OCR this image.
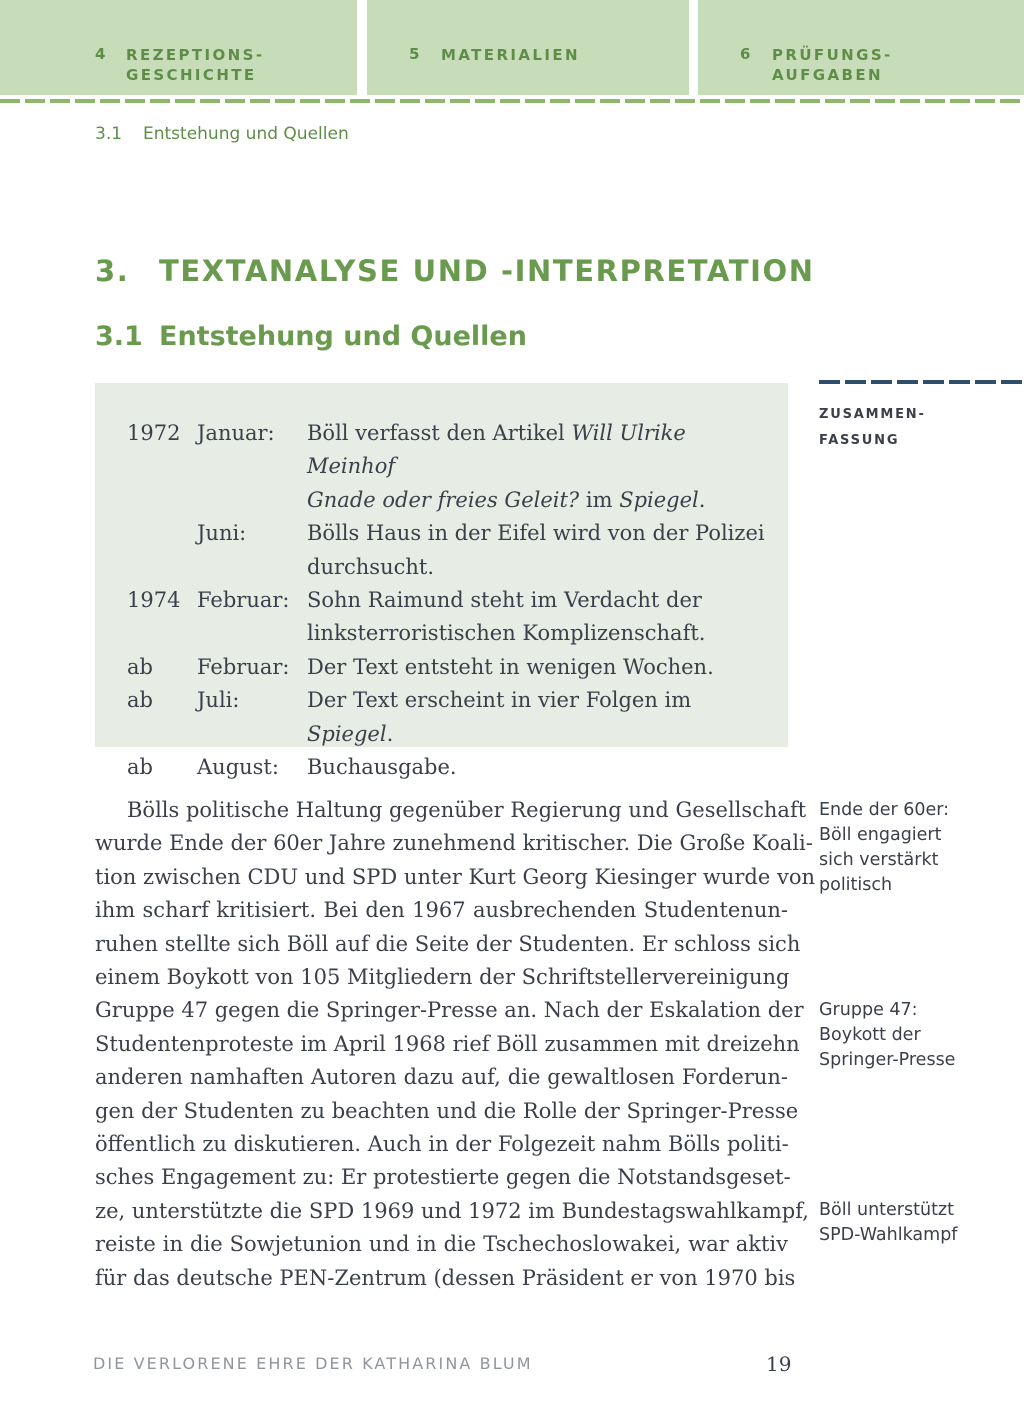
4 REZEPTIONS-
GESCHICHTE
5 MATERIALIEN	6 PRÜFUNGS-
AUFGABEN
3.1 Entstehung und Quellen
3. TEXTANALYSE UND -INTERPRETATION
3.1 Entstehung und Quellen
1972 Januar: Böll verfasst den Artikel Will Ulrike Meinhof
Gnade oder freies Geleit? im Spiegel.
Juni:	Bölls Haus in der Eifel wird von der Polizei
durchsucht.
1974 Februar: Sohn Raimund steht im Verdacht der
linksterroristischen Komplizenschaft.
ab Februar: Der Text entsteht in wenigen Wochen.
ab Juli:	Der Text erscheint in vier Folgen im Spiegel.
ab August: Buchausgabe.
ZUSAMMEN-
FASSUNG

Bölls politische Haltung gegenüber Regierung und Gesellschaft
wurde Ende der 60er Jahre zunehmend kritischer. Die Große Koali-
tion zwischen CDU und SPD unter Kurt Georg Kiesinger wurde von
ihm scharf kritisiert. Bei den 1967 ausbrechenden Studentenun-
ruhen stellte sich Böll auf die Seite der Studenten. Er schloss sich
einem Boykott von 105 Mitgliedern der Schriftstellervereinigung
Gruppe 47 gegen die Springer-Presse an. Nach der Eskalation der
Studentenproteste im April 1968 rief Böll zusammen mit dreizehn
anderen namhaften Autoren dazu auf, die gewaltlosen Forderun-
gen der Studenten zu beachten und die Rolle der Springer-Presse
öffentlich zu diskutieren. Auch in der Folgezeit nahm Bölls politi-
sches Engagement zu: Er protestierte gegen die Notstandsgeset-
ze, unterstützte die SPD 1969 und 1972 im Bundestagswahlkampf,
reiste in die Sowjetunion und in die Tschechoslowakei, war aktiv
für das deutsche PEN-Zentrum (dessen Präsident er von 1970 bis

Ende der 60er:
Böll engagiert
sich verstärkt
politisch
Gruppe 47:
Boykott der
Springer-Presse
Böll unterstützt
SPD-Wahlkampf
DIE VERLORENE EHRE DER KATHARINA BLUM	19
